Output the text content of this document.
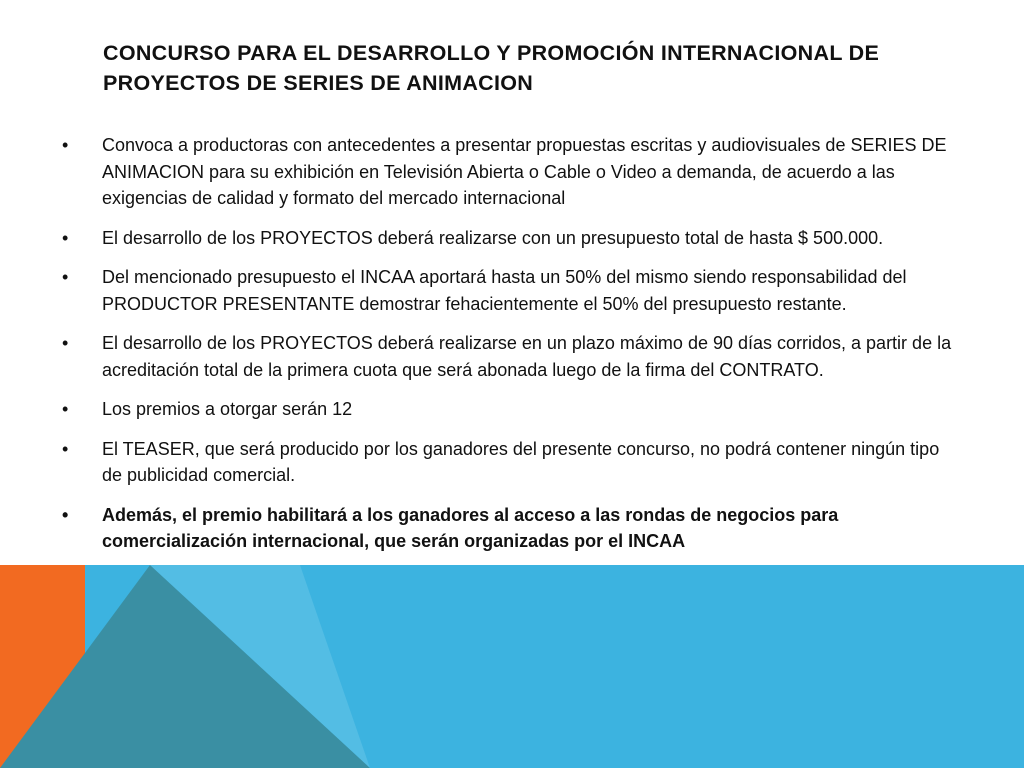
CONCURSO PARA EL DESARROLLO Y PROMOCIÓN INTERNACIONAL DE PROYECTOS DE SERIES DE ANIMACION
•	Convoca a productoras con antecedentes a presentar propuestas escritas y audiovisuales de SERIES DE ANIMACION para su exhibición en Televisión Abierta o Cable o Video a demanda, de acuerdo a las exigencias de calidad y formato del mercado internacional
•	El desarrollo de los PROYECTOS deberá realizarse con un presupuesto total de hasta $ 500.000.
•	Del mencionado presupuesto el INCAA aportará hasta un 50% del mismo siendo responsabilidad del PRODUCTOR PRESENTANTE demostrar fehacientemente el 50% del presupuesto restante.
•	El desarrollo de los PROYECTOS deberá realizarse en un plazo máximo de 90 días corridos, a partir de la acreditación total de la primera cuota que será abonada luego de la firma del CONTRATO.
•	Los premios a otorgar serán 12
•	El TEASER, que será producido por los ganadores del presente concurso, no podrá contener ningún tipo de publicidad comercial.
•	Además, el premio habilitará a los ganadores al acceso a las rondas de negocios para comercialización internacional, que serán organizadas por el INCAA
